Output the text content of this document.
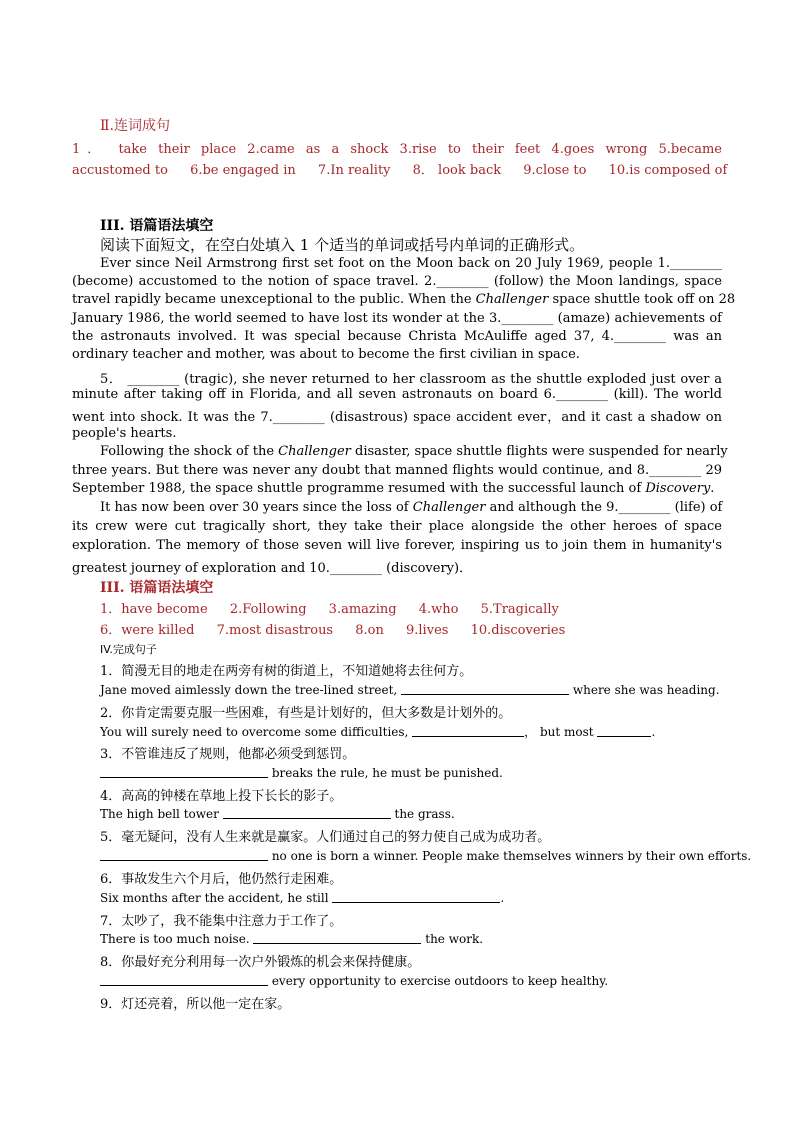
Ⅱ.连词成句
1． take their place 2.came as a shock 3.rise to their feet 4.goes wrong 5.became
accustomed to 6.be engaged in 7.In reality 8． look back 9.close to 10.is composed of
III. 语篇语法填空
阅读下面短文，在空白处填入 1 个适当的单词或括号内单词的正确形式。
Ever since Neil Armstrong first set foot on the Moon back on 20 July 1969, people 1.________
(become) accustomed to the notion of space travel. 2.________ (follow) the Moon landings, space
travel rapidly became unexceptional to the public. When the Challenger space shuttle took off on 28
January 1986, the world seemed to have lost its wonder at the 3.________ (amaze) achievements of
the astronauts involved. It was special because Christa McAuliffe aged 37, 4.________ was an
ordinary teacher and mother, was about to become the first civilian in space.
5． ________ (tragic), she never returned to her classroom as the shuttle exploded just over a
minute after taking off in Florida, and all seven astronauts on board 6.________ (kill). The world
went into shock. It was the 7.________ (disastrous) space accident ever，and it cast a shadow on
people's hearts.
Following the shock of the Challenger disaster, space shuttle flights were suspended for nearly
three years. But there was never any doubt that manned flights would continue, and 8.________ 29
September 1988, the space shuttle programme resumed with the successful launch of Discovery.
It has now been over 30 years since the loss of Challenger and although the 9.________ (life) of
its crew were cut tragically short, they take their place alongside the other heroes of space
exploration. The memory of those seven will live forever, inspiring us to join them in humanity's
greatest journey of exploration and 10.________ (discovery)．
III. 语篇语法填空
1．have become 2.Following 3.amazing 4.who 5.Tragically
6．were killed 7.most disastrous 8.on 9.lives 10.discoveries
IV.完成句子
1．简漫无目的地走在两旁有树的街道上，不知道她将去往何方。
Jane moved aimlessly down the tree-lined street,	where she was heading.
2．你肯定需要克服一些困难，有些是计划好的，但大多数是计划外的。
You will surely need to overcome some difficulties,	， but most	.
3．不管谁违反了规则，他都必须受到惩罚。
breaks the rule, he must be punished.
4．高高的钟楼在草地上投下长长的影子。
The high bell tower	the grass.
5．毫无疑问，没有人生来就是赢家。人们通过自己的努力使自己成为成功者。
no one is born a winner. People make themselves winners by their own efforts.
6．事故发生六个月后，他仍然行走困难。
Six months after the accident, he still	.
7．太吵了，我不能集中注意力于工作了。
There is too much noise.	the work.
8．你最好充分利用每一次户外锻炼的机会来保持健康。
every opportunity to exercise outdoors to keep healthy.
9．灯还亮着，所以他一定在家。
